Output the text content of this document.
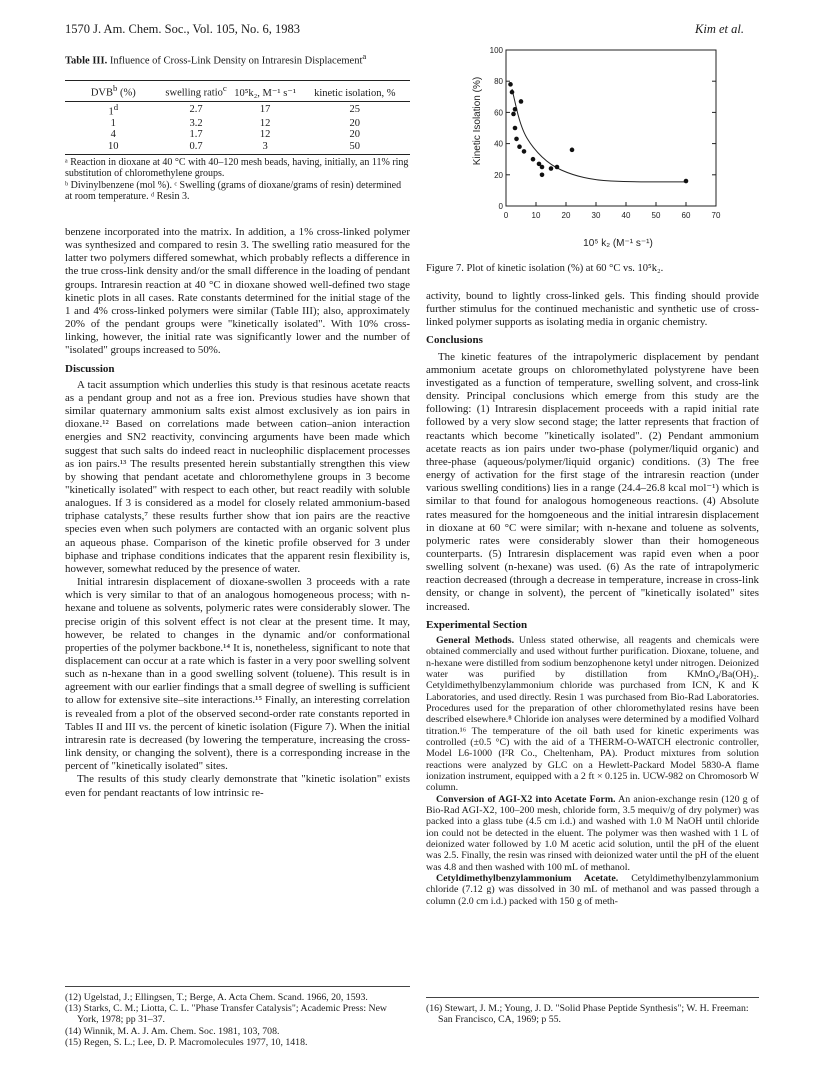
1570 J. Am. Chem. Soc., Vol. 105, No. 6, 1983	Kim et al.
Table III. Influence of Cross-Link Density on Intraresin Displacement$^a$
DVB$^b$ (%)	swelling ratio$^c$	10⁵k₂, M⁻¹ s⁻¹	kinetic isolation, %
1$^d$	2.7	17	25
1	3.2	12	20
4	1.7	12	20
10	0.7	3	50
ᵃ Reaction in dioxane at 40 °C with 40–120 mesh beads, having, initially, an 11% ring substitution of chloromethylene groups.
ᵇ Divinylbenzene (mol %). ᶜ Swelling (grams of dioxane/grams of resin) determined at room temperature. ᵈ Resin 3.

benzene incorporated into the matrix. In addition, a 1% cross-linked polymer was synthesized and compared to resin 3. The swelling ratio measured for the latter two polymers differed somewhat, which probably reflects a difference in the true cross-link density and/or the small difference in the loading of pendant groups. Intraresin reaction at 40 °C in dioxane showed well-defined two stage kinetic plots in all cases. Rate constants determined for the initial stage of the 1 and 4% cross-linked polymers were similar (Table III); also, approximately 20% of the pendant groups were "kinetically isolated". With 10% cross-linking, however, the initial rate was significantly lower and the number of "isolated" groups increased to 50%.

Discussion

A tacit assumption which underlies this study is that resinous acetate reacts as a pendant group and not as a free ion. Previous studies have shown that similar quaternary ammonium salts exist almost exclusively as ion pairs in dioxane.¹² Based on correlations made between cation–anion interaction energies and SN2 reactivity, convincing arguments have been made which suggest that such salts do indeed react in nucleophilic displacement processes as ion pairs.¹³ The results presented herein substantially strengthen this view by showing that pendant acetate and chloromethylene groups in 3 become "kinetically isolated" with respect to each other, but react readily with soluble analogues. If 3 is considered as a model for closely related ammonium-based triphase catalysts,⁷ these results further show that ion pairs are the reactive species even when such polymers are contacted with an organic solvent plus an aqueous phase. Comparison of the kinetic profile observed for 3 under biphase and triphase conditions indicates that the apparent resin flexibility is, however, somewhat reduced by the presence of water.

Initial intraresin displacement of dioxane-swollen 3 proceeds with a rate which is very similar to that of an analogous homogeneous process; with n-hexane and toluene as solvents, polymeric rates were considerably slower. The precise origin of this solvent effect is not clear at the present time. It may, however, be related to changes in the dynamic and/or conformational properties of the polymer backbone.¹⁴ It is, nonetheless, significant to note that displacement can occur at a rate which is faster in a very poor swelling solvent such as n-hexane than in a good swelling solvent (toluene). This result is in agreement with our earlier findings that a small degree of swelling is sufficient to allow for extensive site–site interactions.¹⁵ Finally, an interesting correlation is revealed from a plot of the observed second-order rate constants reported in Tables II and III vs. the percent of kinetic isolation (Figure 7). When the initial intraresin rate is decreased (by lowering the temperature, increasing the cross-link density, or changing the solvent), there is a corresponding increase in the percent of "kinetically isolated" sites.

The results of this study clearly demonstrate that "kinetic isolation" exists even for pendant reactants of low intrinsic re-

(12) Ugelstad, J.; Ellingsen, T.; Berge, A. Acta Chem. Scand. 1966, 20, 1593.
(13) Starks, C. M.; Liotta, C. L. "Phase Transfer Catalysis"; Academic Press: New York, 1978; pp 31–37.
(14) Winnik, M. A. J. Am. Chem. Soc. 1981, 103, 708.
(15) Regen, S. L.; Lee, D. P. Macromolecules 1977, 10, 1418.
0	10	20	30	40	50	60	70
0
20
40
60
80
100
Kinetic Isolation (%)
10⁵ k₂ (M⁻¹ s⁻¹)
Figure 7. Plot of kinetic isolation (%) at 60 °C vs. 10⁵k₂.

activity, bound to lightly cross-linked gels. This finding should provide further stimulus for the continued mechanistic and synthetic use of cross-linked polymer supports as isolating media in organic chemistry.

Conclusions

The kinetic features of the intrapolymeric displacement by pendant ammonium acetate groups on chloromethylated polystyrene have been investigated as a function of temperature, swelling solvent, and cross-link density. Principal conclusions which emerge from this study are the following: (1) Intraresin displacement proceeds with a rapid initial rate followed by a very slow second stage; the latter represents that fraction of reactants which become "kinetically isolated". (2) Pendant ammonium acetate reacts as ion pairs under two-phase (polymer/liquid organic) and three-phase (aqueous/polymer/liquid organic) conditions. (3) The free energy of activation for the first stage of the intraresin reaction (under various swelling conditions) lies in a range (24.4–26.8 kcal mol⁻¹) which is similar to that found for analogous homogeneous reactions. (4) Absolute rates measured for the homgoeneous and the initial intraresin displacement in dioxane at 60 °C were similar; with n-hexane and toluene as solvents, polymeric rates were considerably slower than their homogeneous counterparts. (5) Intraresin displacement was rapid even when a poor swelling solvent (n-hexane) was used. (6) As the rate of intrapolymeric reaction decreased (through a decrease in temperature, increase in cross-link density, or change in solvent), the percent of "kinetically isolated" sites increased.

Experimental Section

General Methods. Unless stated otherwise, all reagents and chemicals were obtained commercially and used without further purification. Dioxane, toluene, and n-hexane were distilled from sodium benzophenone ketyl under nitrogen. Deionized water was purified by distillation from KMnO₄/Ba(OH)₂. Cetyldimethylbenzylammonium chloride was purchased from ICN, K and K Laboratories, and used directly. Resin 1 was purchased from Bio-Rad Laboratories. Procedures used for the preparation of other chloromethylated resins have been described elsewhere.⁸ Chloride ion analyses were determined by a modified Volhard titration.¹⁶ The temperature of the oil bath used for kinetic experiments was controlled (±0.5 °C) with the aid of a THERM-O-WATCH electronic controller, Model L6-1000 (I²R Co., Cheltenham, PA). Product mixtures from solution reactions were analyzed by GLC on a Hewlett-Packard Model 5830-A flame ionization instrument, equipped with a 2 ft × 0.125 in. UCW-982 on Chromosorb W column.

Conversion of AGI-X2 into Acetate Form. An anion-exchange resin (120 g of Bio-Rad AGI-X2, 100–200 mesh, chloride form, 3.5 mequiv/g of dry polymer) was packed into a glass tube (4.5 cm i.d.) and washed with 1.0 M NaOH until chloride ion could not be detected in the eluent. The polymer was then washed with 1 L of deionized water followed by 1.0 M acetic acid solution, until the pH of the eluent was 2.5. Finally, the resin was rinsed with deionized water until the pH of the eluent was 4.8 and then washed with 100 mL of methanol.

Cetyldimethylbenzylammonium Acetate. Cetyldimethylbenzylammonium chloride (7.12 g) was dissolved in 30 mL of methanol and was passed through a column (2.0 cm i.d.) packed with 150 g of meth-

(16) Stewart, J. M.; Young, J. D. "Solid Phase Peptide Synthesis"; W. H. Freeman: San Francisco, CA, 1969; p 55.
